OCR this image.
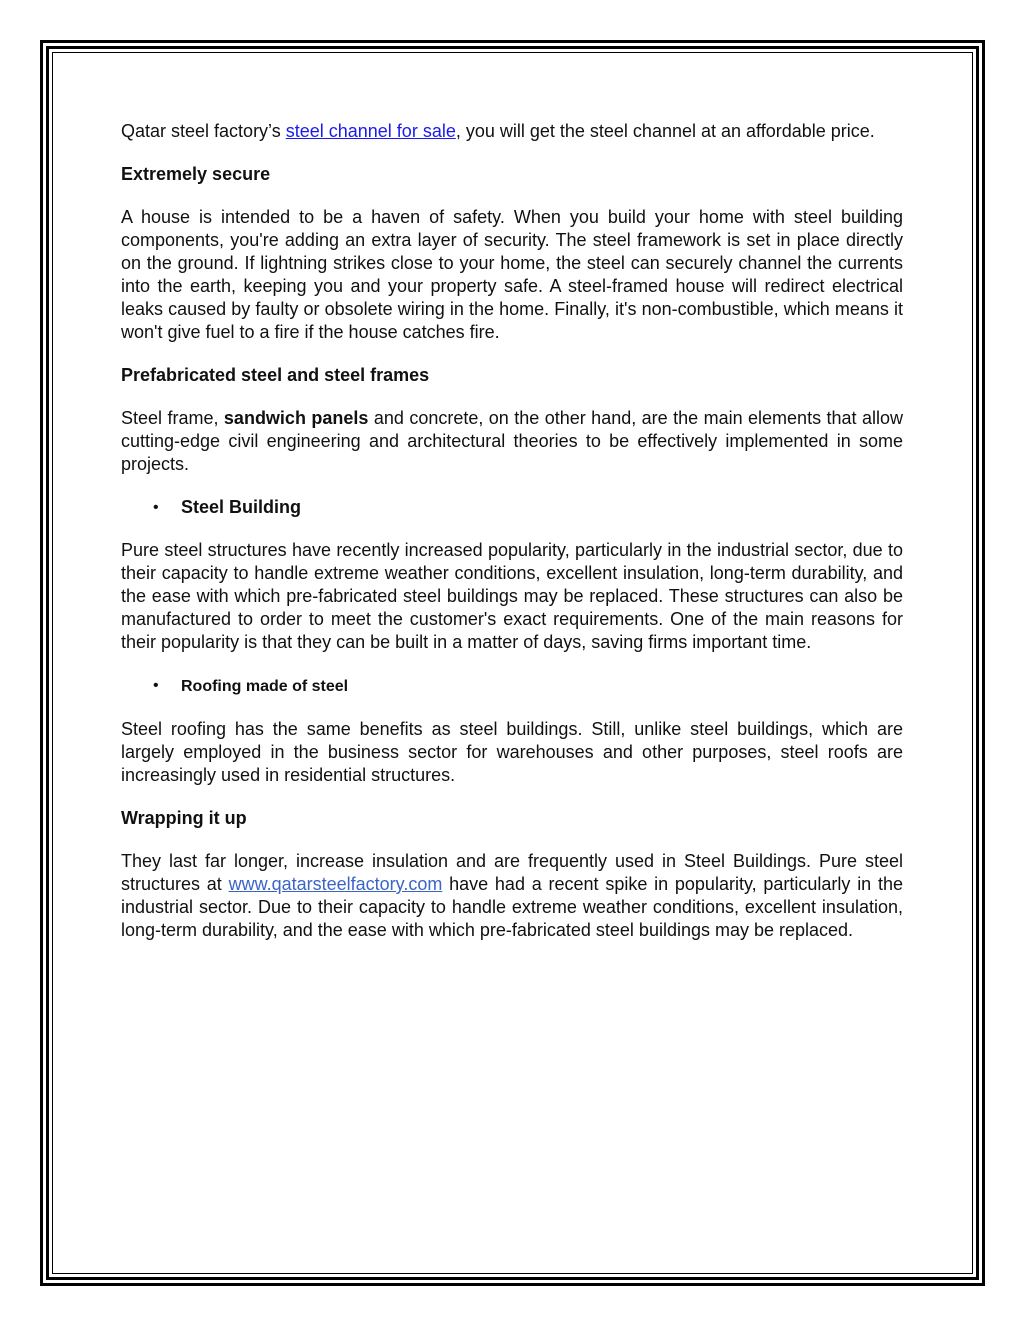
Qatar steel factory’s steel channel for sale, you will get the steel channel at an affordable price.

Extremely secure

A house is intended to be a haven of safety. When you build your home with steel building components, you're adding an extra layer of security. The steel framework is set in place directly on the ground. If lightning strikes close to your home, the steel can securely channel the currents into the earth, keeping you and your property safe. A steel-framed house will redirect electrical leaks caused by faulty or obsolete wiring in the home. Finally, it's non-combustible, which means it won't give fuel to a fire if the house catches fire.

Prefabricated steel and steel frames

Steel frame, sandwich panels and concrete, on the other hand, are the main elements that allow cutting-edge civil engineering and architectural theories to be effectively implemented in some projects.

• Steel Building

Pure steel structures have recently increased popularity, particularly in the industrial sector, due to their capacity to handle extreme weather conditions, excellent insulation, long-term durability, and the ease with which pre-fabricated steel buildings may be replaced. These structures can also be manufactured to order to meet the customer's exact requirements. One of the main reasons for their popularity is that they can be built in a matter of days, saving firms important time.

• Roofing made of steel

Steel roofing has the same benefits as steel buildings. Still, unlike steel buildings, which are largely employed in the business sector for warehouses and other purposes, steel roofs are increasingly used in residential structures.

Wrapping it up

They last far longer, increase insulation and are frequently used in Steel Buildings. Pure steel structures at www.qatarsteelfactory.com have had a recent spike in popularity, particularly in the industrial sector. Due to their capacity to handle extreme weather conditions, excellent insulation, long-term durability, and the ease with which pre-fabricated steel buildings may be replaced.
